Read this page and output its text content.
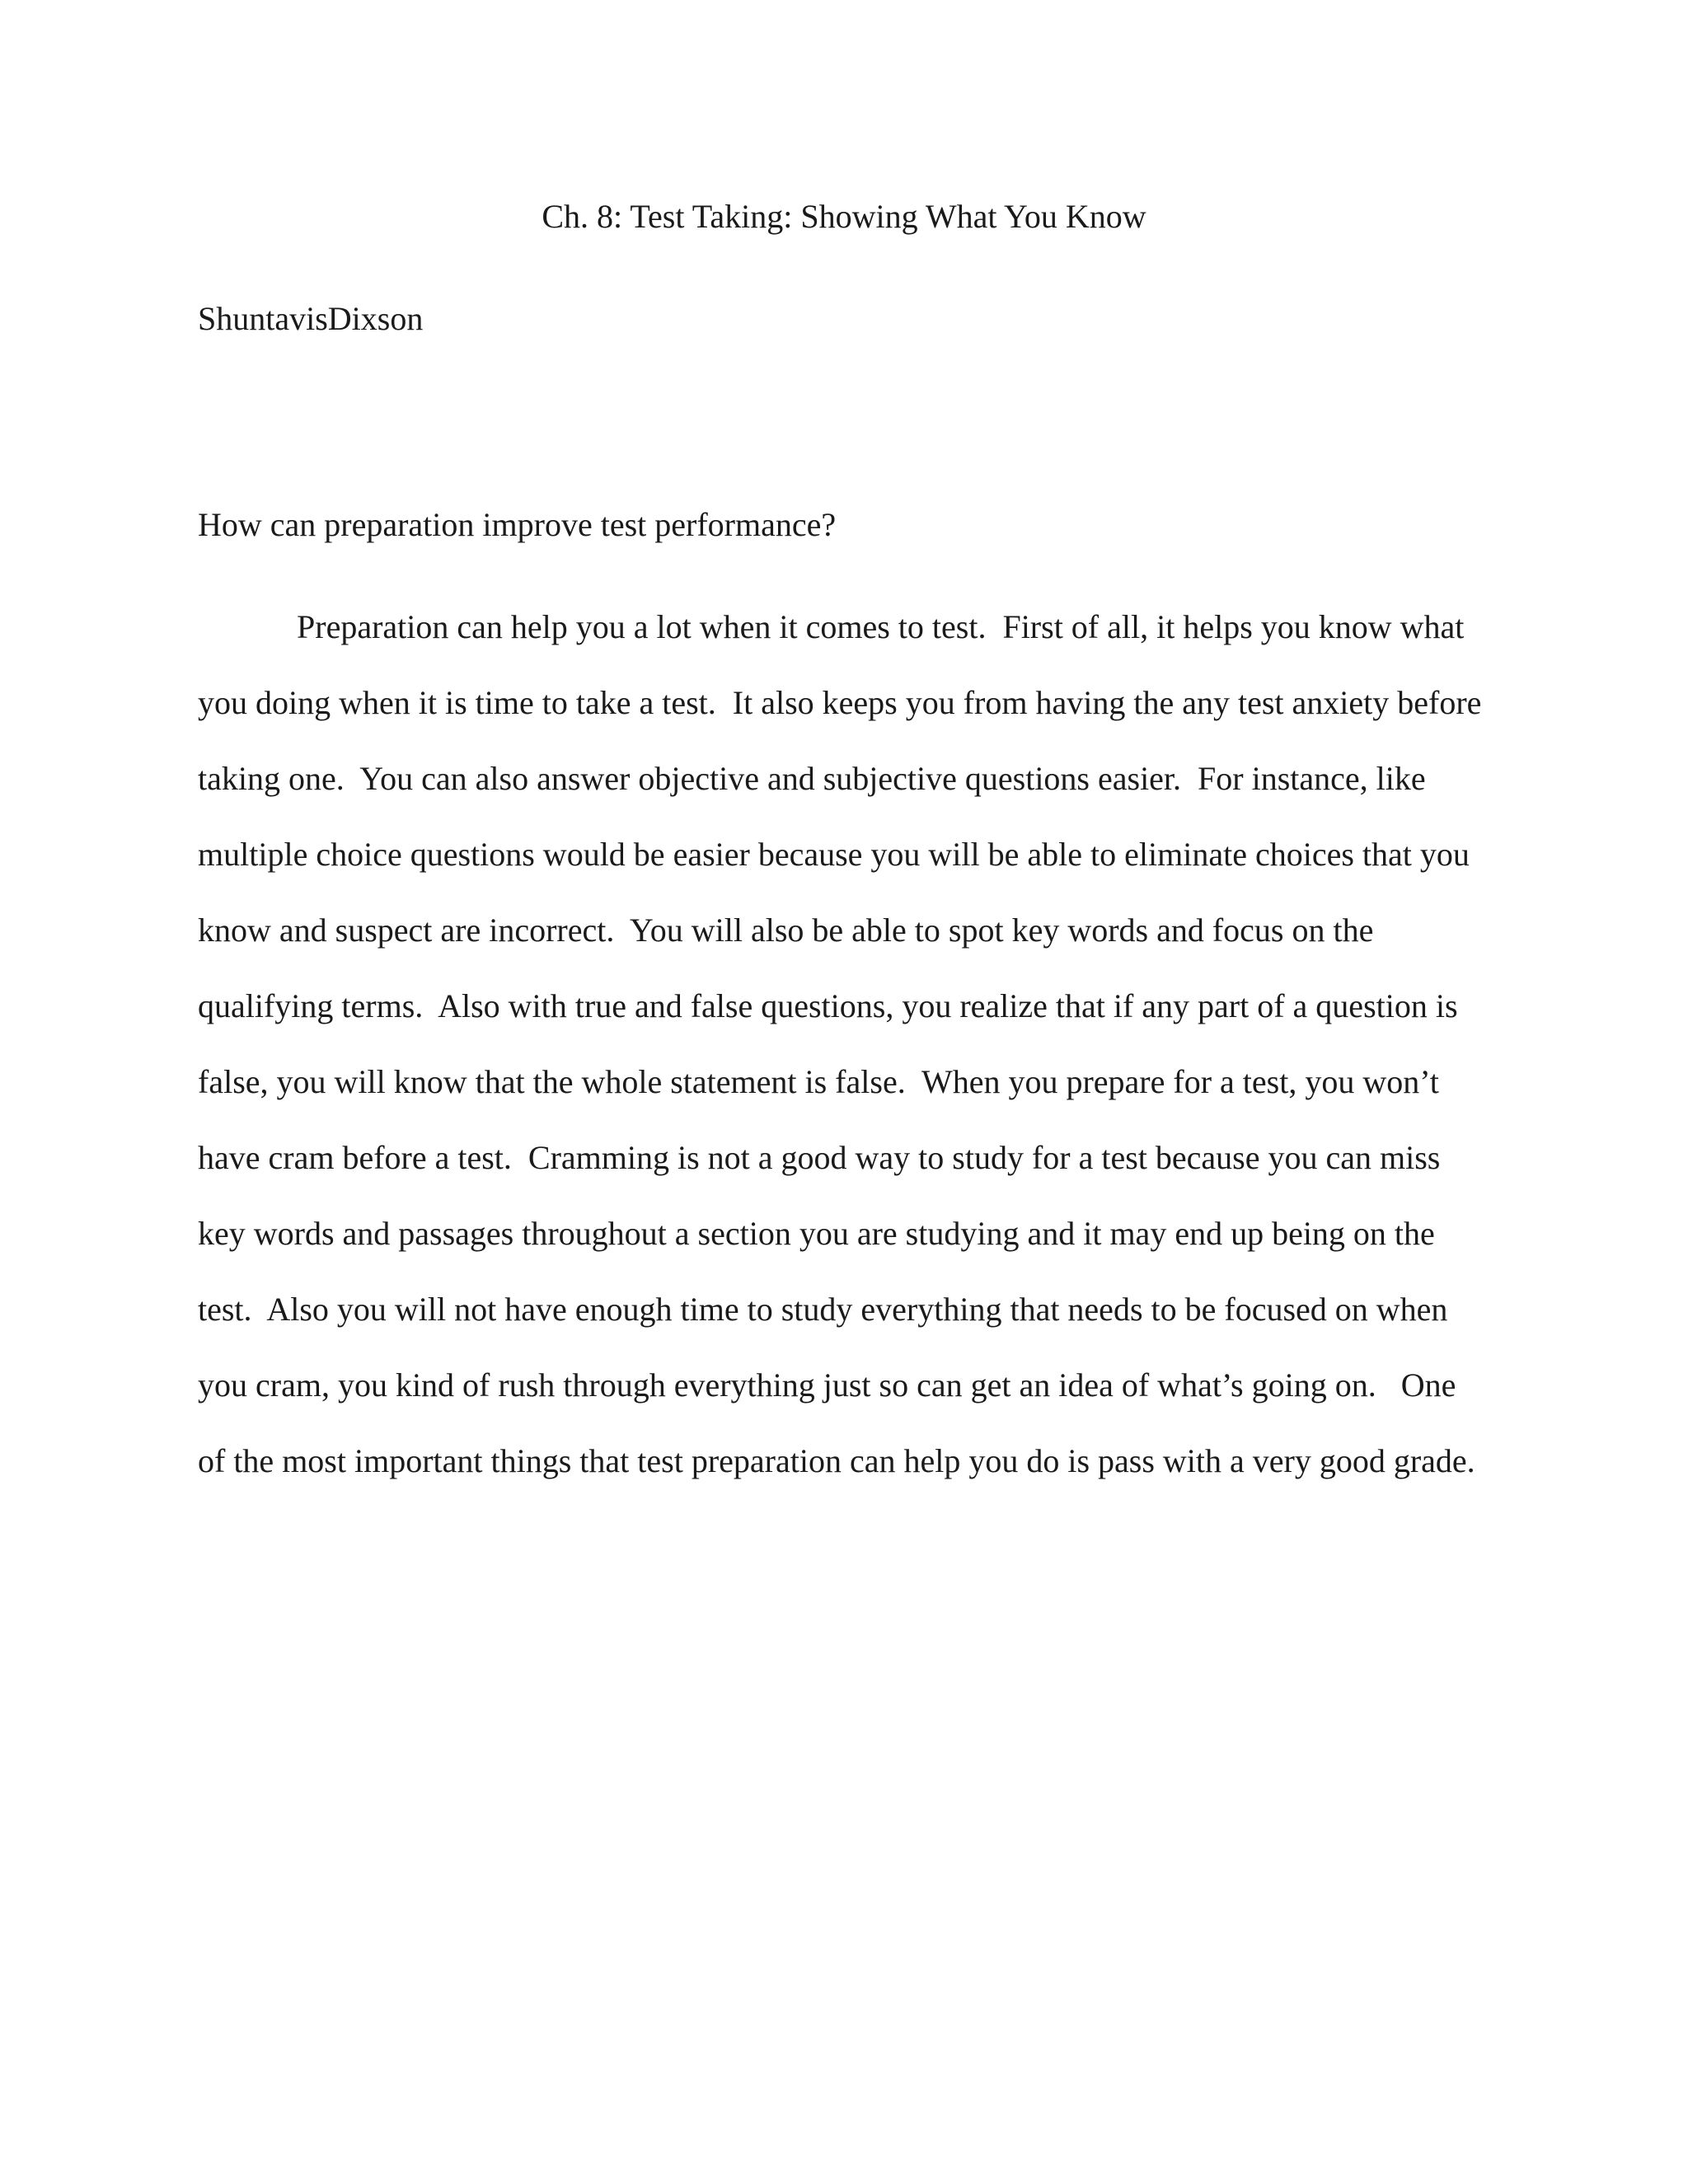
Ch. 8: Test Taking: Showing What You Know
ShuntavisDixson
How can preparation improve test performance?
Preparation can help you a lot when it comes to test.  First of all, it helps you know what
you doing when it is time to take a test.  It also keeps you from having the any test anxiety before
taking one.  You can also answer objective and subjective questions easier.  For instance, like
multiple choice questions would be easier because you will be able to eliminate choices that you
know and suspect are incorrect.  You will also be able to spot key words and focus on the
qualifying terms.  Also with true and false questions, you realize that if any part of a question is
false, you will know that the whole statement is false.  When you prepare for a test, you won’t
have cram before a test.  Cramming is not a good way to study for a test because you can miss
key words and passages throughout a section you are studying and it may end up being on the
test.  Also you will not have enough time to study everything that needs to be focused on when
you cram, you kind of rush through everything just so can get an idea of what’s going on.   One
of the most important things that test preparation can help you do is pass with a very good grade.
